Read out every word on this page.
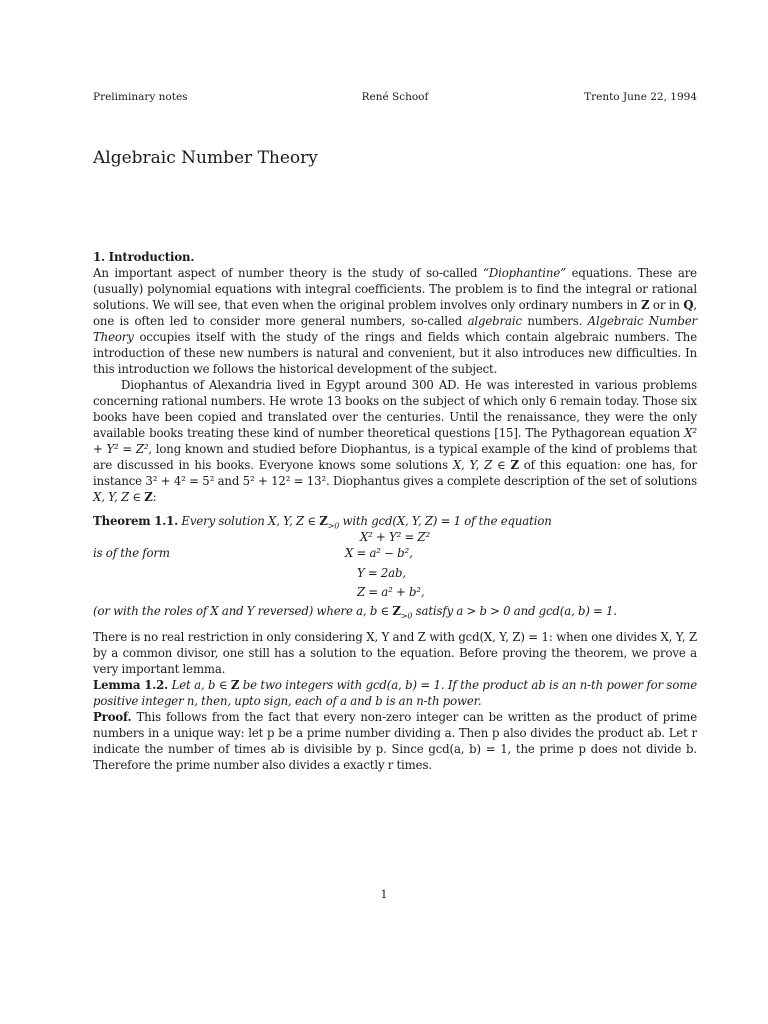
Preliminary notes	René Schoof	Trento June 22, 1994
Algebraic Number Theory

1. Introduction.

An important aspect of number theory is the study of so-called “Diophantine” equations. These are (usually) polynomial equations with integral coefficients. The problem is to find the integral or rational solutions. We will see, that even when the original problem involves only ordinary numbers in Z or in Q, one is often led to consider more general numbers, so-called algebraic numbers. Algebraic Number Theory occupies itself with the study of the rings and fields which contain algebraic numbers. The introduction of these new numbers is natural and convenient, but it also introduces new difficulties. In this introduction we follows the historical development of the subject.

Diophantus of Alexandria lived in Egypt around 300 AD. He was interested in various problems concerning rational numbers. He wrote 13 books on the subject of which only 6 remain today. Those six books have been copied and translated over the centuries. Until the renaissance, they were the only available books treating these kind of number theoretical questions [15]. The Pythagorean equation X² + Y² = Z², long known and studied before Diophantus, is a typical example of the kind of problems that are discussed in his books. Everyone knows some solutions X, Y, Z ∈ Z of this equation: one has, for instance 3² + 4² = 5² and 5² + 12² = 13². Diophantus gives a complete description of the set of solutions X, Y, Z ∈ Z:

Theorem 1.1. Every solution X, Y, Z ∈ $Z_{>0}$ with gcd(X, Y, Z) = 1 of the equation

X² + Y² = Z²

is of the form	X = a² − b²,
Y = 2ab,
Z = a² + b²,

(or with the roles of X and Y reversed) where a, b ∈ $Z_{>0}$ satisfy a > b > 0 and gcd(a, b) = 1.

There is no real restriction in only considering X, Y and Z with gcd(X, Y, Z) = 1: when one divides X, Y, Z by a common divisor, one still has a solution to the equation. Before proving the theorem, we prove a very important lemma.

Lemma 1.2. Let a, b ∈ Z be two integers with gcd(a, b) = 1. If the product ab is an n-th power for some positive integer n, then, upto sign, each of a and b is an n-th power.

Proof. This follows from the fact that every non-zero integer can be written as the product of prime numbers in a unique way: let p be a prime number dividing a. Then p also divides the product ab. Let r indicate the number of times ab is divisible by p. Since gcd(a, b) = 1, the prime p does not divide b. Therefore the prime number also divides a exactly r times.

1
